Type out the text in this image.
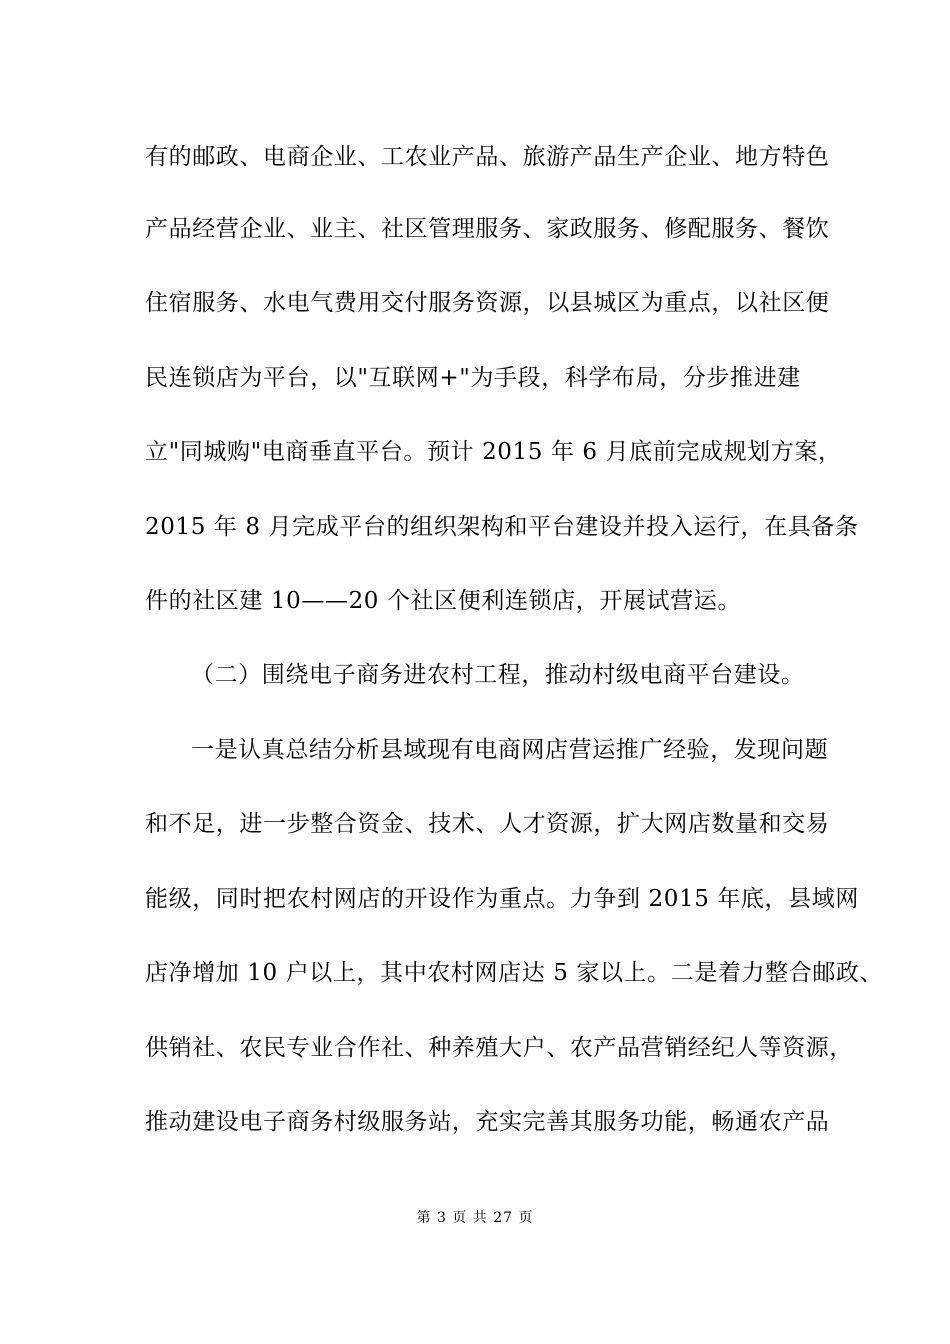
有的邮政、电商企业、工农业产品、旅游产品生产企业、地方特色
产品经营企业、业主、社区管理服务、家政服务、修配服务、餐饮
住宿服务、水电气费用交付服务资源，以县城区为重点，以社区便
民连锁店为平台，以"互联网+"为手段，科学布局，分步推进建
立"同城购"电商垂直平台。预计 2015 年 6 月底前完成规划方案，
2015 年 8 月完成平台的组织架构和平台建设并投入运行，在具备条
件的社区建 10——20 个社区便利连锁店，开展试营运。
（二）围绕电子商务进农村工程，推动村级电商平台建设。
一是认真总结分析县域现有电商网店营运推广经验，发现问题
和不足，进一步整合资金、技术、人才资源，扩大网店数量和交易
能级，同时把农村网店的开设作为重点。力争到 2015 年底，县域网
店净增加 10 户以上，其中农村网店达 5 家以上。二是着力整合邮政、
供销社、农民专业合作社、种养殖大户、农产品营销经纪人等资源，
推动建设电子商务村级服务站，充实完善其服务功能，畅通农产品
第 3 页 共 27 页
